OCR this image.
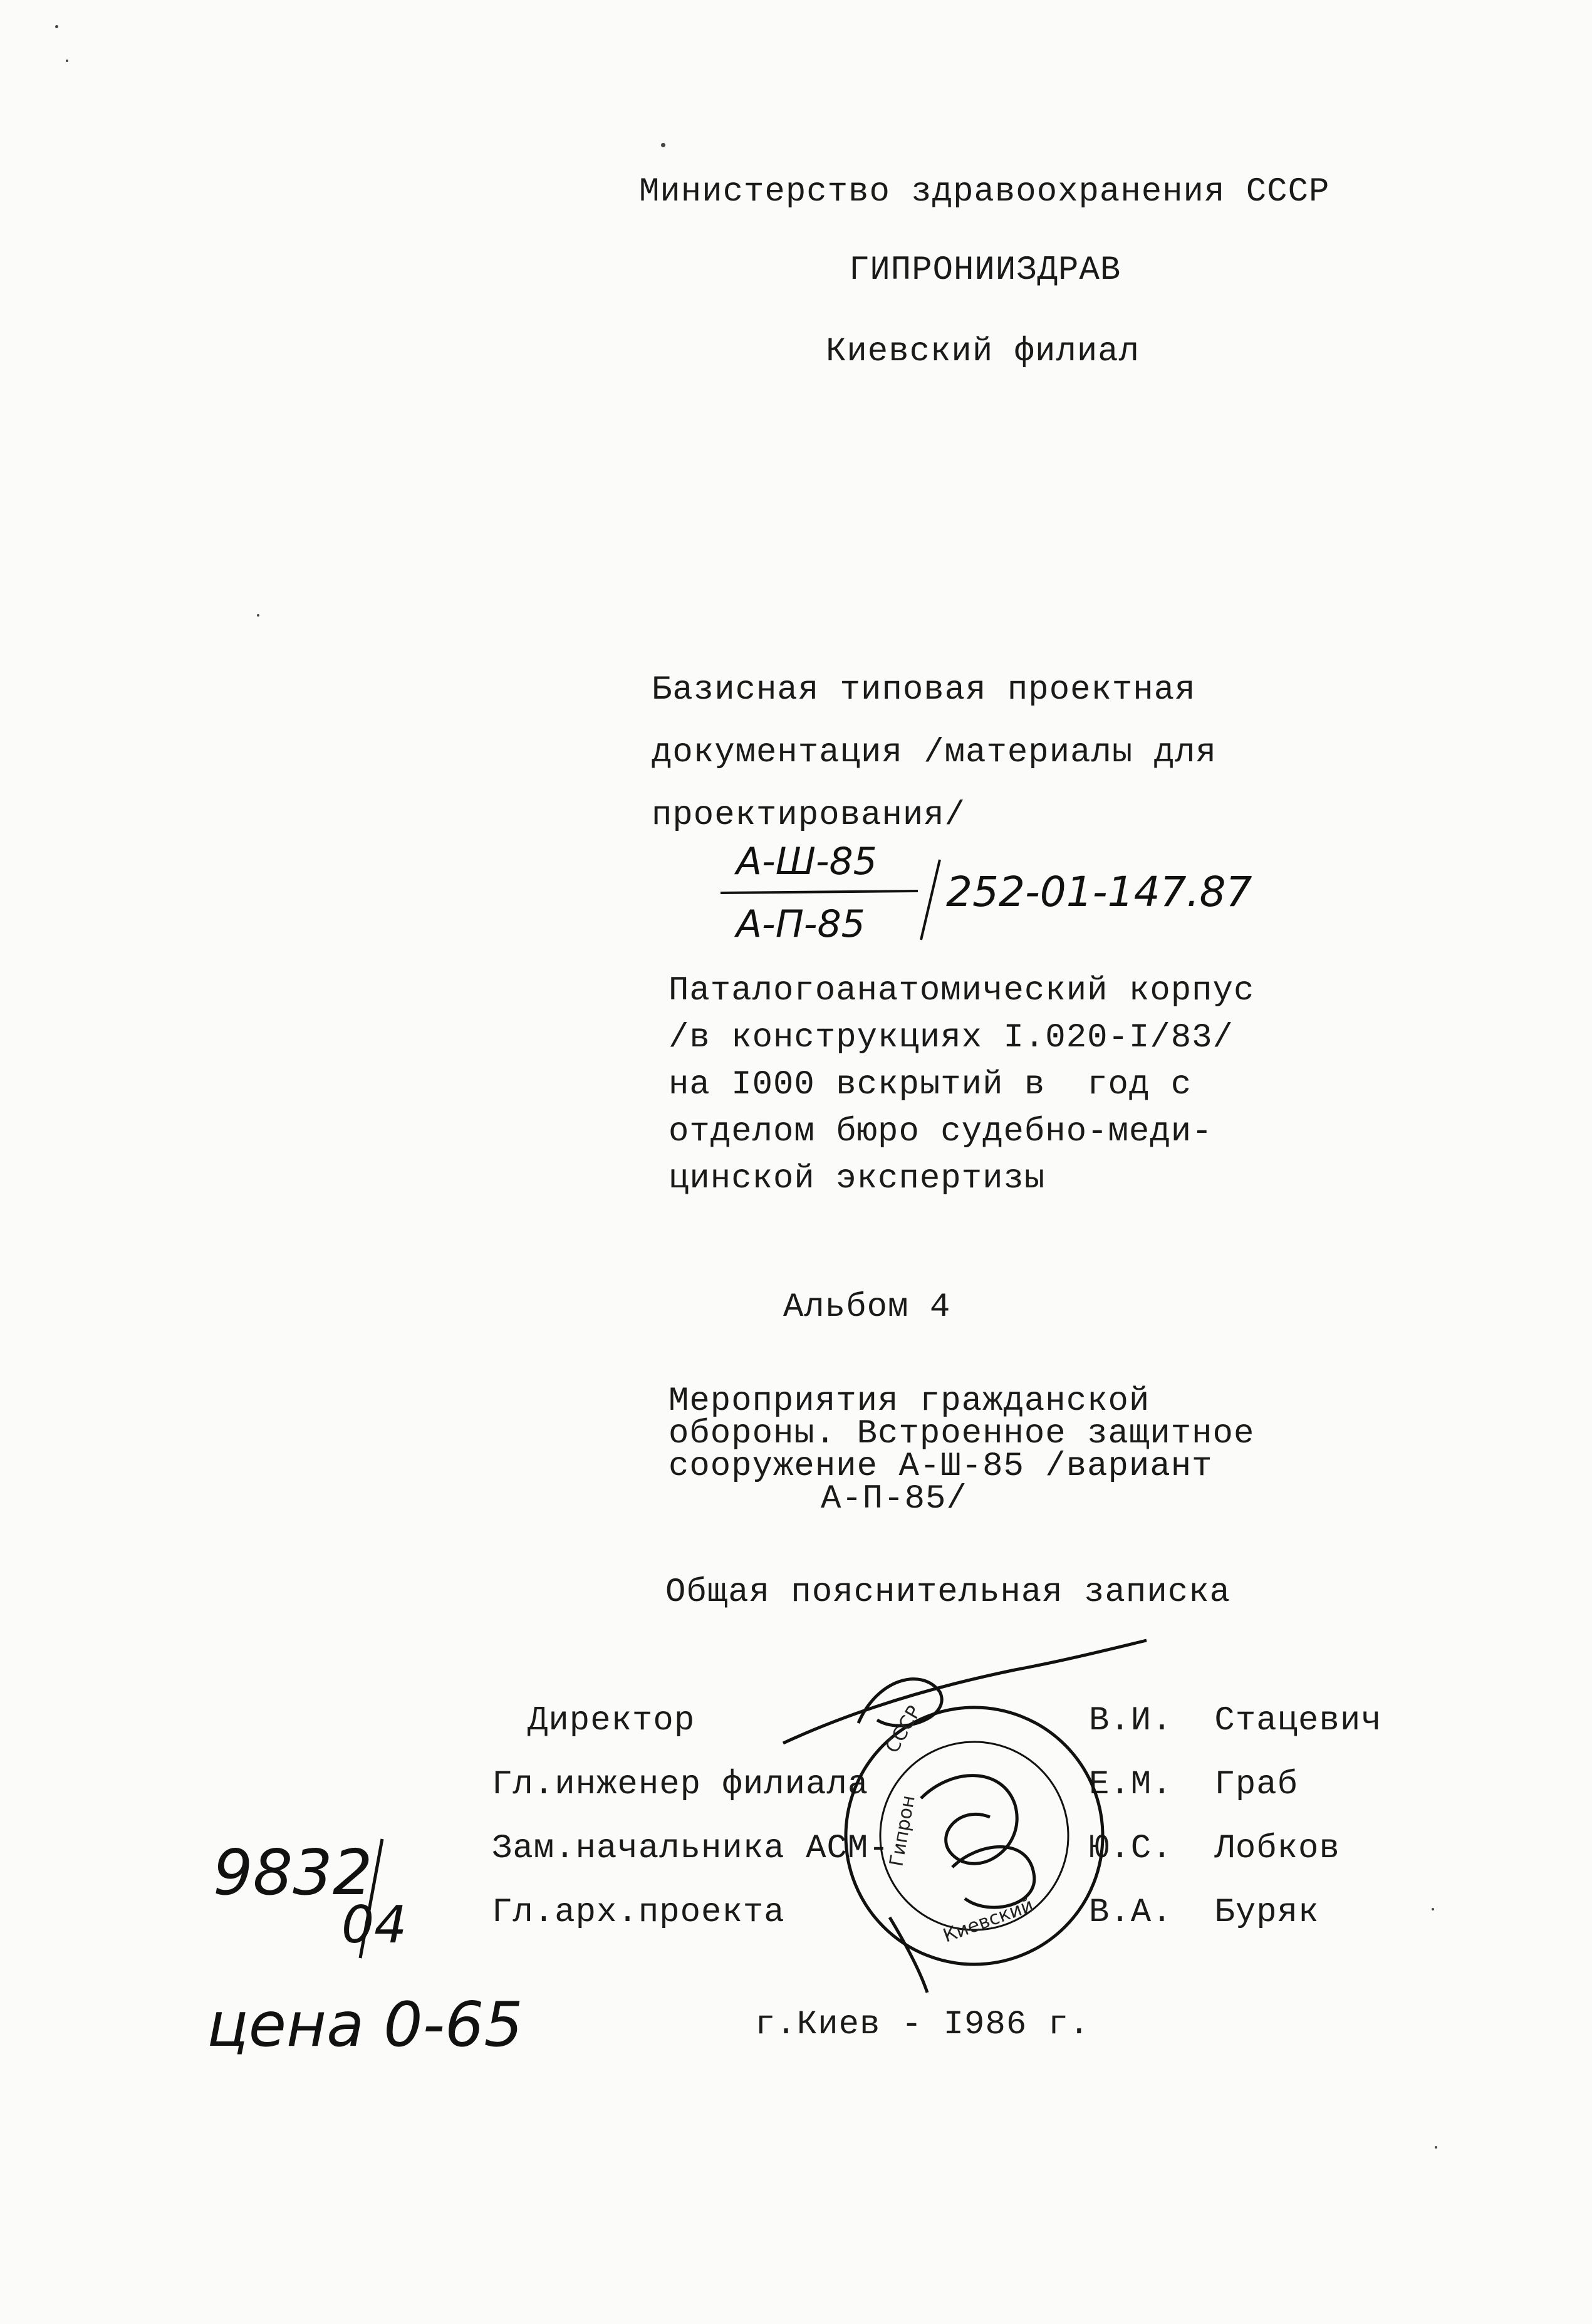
Министерство здравоохранения СССР
ГИПРОНИИЗДРАВ
Киевский филиал
Базисная типовая проектная
документация /материалы для
проектирования/
А-Ш-85
А-П-85
252-01-147.87
Паталогоанатомический корпус
/в конструкциях I.020-I/83/
на I000 вскрытий в  год с
отделом бюро судебно-меди-
цинской экспертизы
Альбом 4
Мероприятия гражданской
обороны. Встроенное защитное
сооружение А-Ш-85 /вариант
А-П-85/
Общая пояснительная записка
Директор	В.И.  Стацевич
Гл.инженер филиала	Е.М.  Граб
Зам.начальника АСМ-	Ю.С.  Лобков
Гл.арх.проекта	В.А.  Буряк
СССР
Гипрон
Киевский
9832
04
цена 0-65	г.Киев - I986 г.
